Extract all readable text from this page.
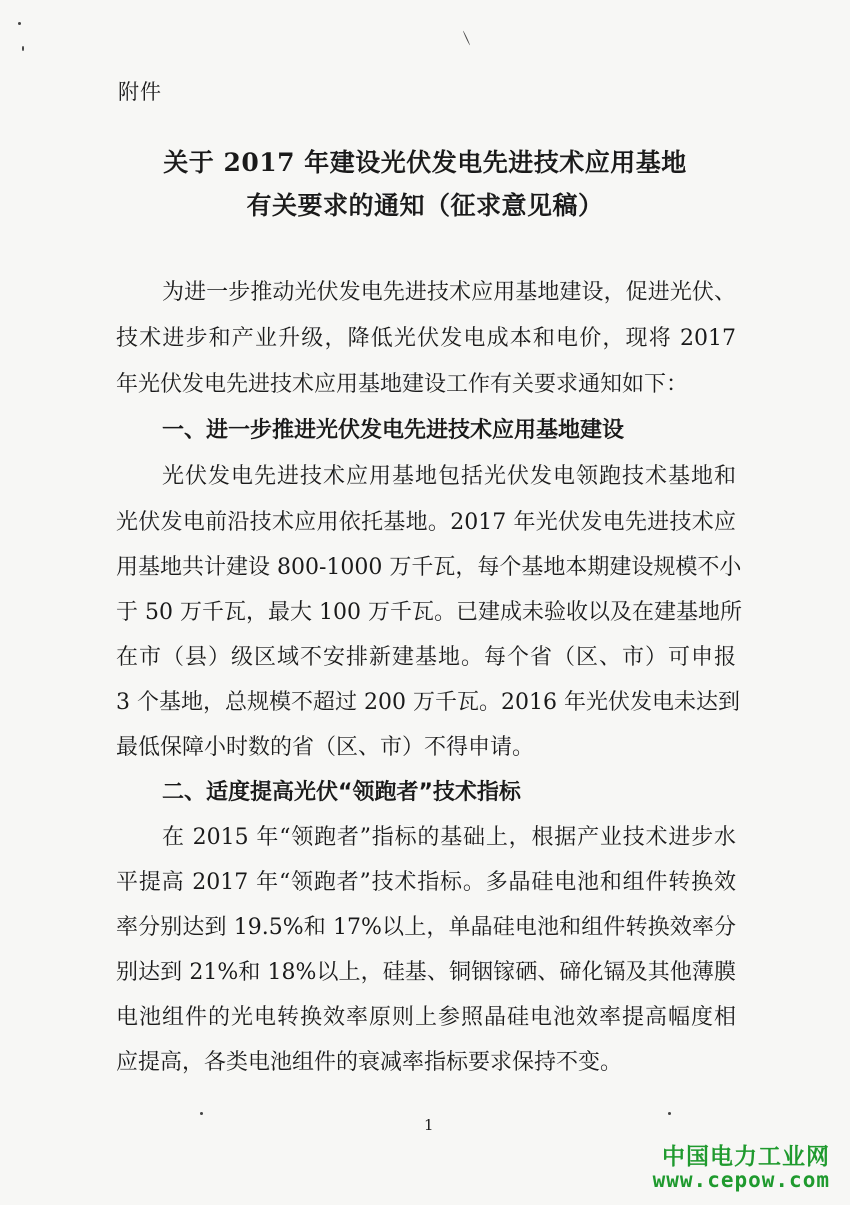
附件
关于 2017 年建设光伏发电先进技术应用基地
有关要求的通知（征求意见稿）
为进一步推动光伏发电先进技术应用基地建设，促进光伏、
技术进步和产业升级，降低光伏发电成本和电价，现将 2017
年光伏发电先进技术应用基地建设工作有关要求通知如下：
一、进一步推进光伏发电先进技术应用基地建设
光伏发电先进技术应用基地包括光伏发电领跑技术基地和
光伏发电前沿技术应用依托基地。2017 年光伏发电先进技术应
用基地共计建设 800-1000 万千瓦，每个基地本期建设规模不小
于 50 万千瓦，最大 100 万千瓦。已建成未验收以及在建基地所
在市（县）级区域不安排新建基地。每个省（区、市）可申报
3 个基地，总规模不超过 200 万千瓦。2016 年光伏发电未达到
最低保障小时数的省（区、市）不得申请。
二、适度提高光伏“领跑者”技术指标
在 2015 年“领跑者”指标的基础上，根据产业技术进步水
平提高 2017 年“领跑者”技术指标。多晶硅电池和组件转换效
率分别达到 19.5%和 17%以上，单晶硅电池和组件转换效率分
别达到 21%和 18%以上，硅基、铜铟镓硒、碲化镉及其他薄膜
电池组件的光电转换效率原则上参照晶硅电池效率提高幅度相
应提高，各类电池组件的衰减率指标要求保持不变。
1
中国电力工业网
www.cepow.com
